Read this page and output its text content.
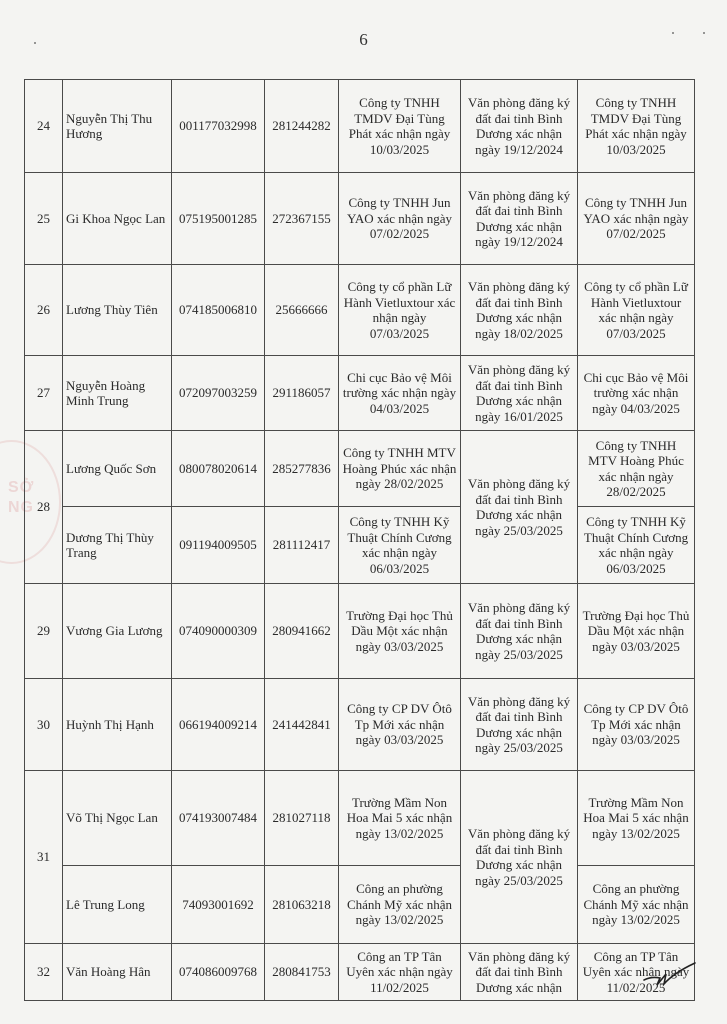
6
SỞ
NG
24	Nguyễn Thị Thu Hương	001177032998	281244282	Công ty TNHH TMDV Đại Tùng Phát xác nhận ngày 10/03/2025	Văn phòng đăng ký đất đai tỉnh Bình Dương xác nhận ngày 19/12/2024	Công ty TNHH TMDV Đại Tùng Phát xác nhận ngày 10/03/2025
25	Gi Khoa Ngọc Lan	075195001285	272367155	Công ty TNHH Jun YAO xác nhận ngày 07/02/2025	Văn phòng đăng ký đất đai tỉnh Bình Dương xác nhận ngày 19/12/2024	Công ty TNHH Jun YAO xác nhận ngày 07/02/2025
26	Lương Thùy Tiên	074185006810	25666666	Công ty cổ phần Lữ Hành Vietluxtour xác nhận ngày 07/03/2025	Văn phòng đăng ký đất đai tỉnh Bình Dương xác nhận ngày 18/02/2025	Công ty cổ phần Lữ Hành Vietluxtour xác nhận ngày 07/03/2025
27	Nguyễn Hoàng Minh Trung	072097003259	291186057	Chi cục Bảo vệ Môi trường xác nhận ngày 04/03/2025	Văn phòng đăng ký đất đai tỉnh Bình Dương xác nhận ngày 16/01/2025	Chi cục Bảo vệ Môi trường xác nhận ngày 04/03/2025
28	Lương Quốc Sơn	080078020614	285277836	Công ty TNHH MTV Hoàng Phúc xác nhận ngày 28/02/2025	Văn phòng đăng ký đất đai tỉnh Bình Dương xác nhận ngày 25/03/2025	Công ty TNHH MTV Hoàng Phúc xác nhận ngày 28/02/2025
	Dương Thị Thùy Trang	091194009505	281112417	Công ty TNHH Kỹ Thuật Chính Cương xác nhận ngày 06/03/2025		Công ty TNHH Kỹ Thuật Chính Cương xác nhận ngày 06/03/2025
29	Vương Gia Lương	074090000309	280941662	Trường Đại học Thủ Dầu Một xác nhận ngày 03/03/2025	Văn phòng đăng ký đất đai tỉnh Bình Dương xác nhận ngày 25/03/2025	Trường Đại học Thủ Dầu Một xác nhận ngày 03/03/2025
30	Huỳnh Thị Hạnh	066194009214	241442841	Công ty CP DV Ôtô Tp Mới xác nhận ngày 03/03/2025	Văn phòng đăng ký đất đai tỉnh Bình Dương xác nhận ngày 25/03/2025	Công ty CP DV Ôtô Tp Mới xác nhận ngày 03/03/2025
31	Võ Thị Ngọc Lan	074193007484	281027118	Trường Mầm Non Hoa Mai 5 xác nhận ngày 13/02/2025	Văn phòng đăng ký đất đai tỉnh Bình Dương xác nhận ngày 25/03/2025	Trường Mầm Non Hoa Mai 5 xác nhận ngày 13/02/2025
	Lê Trung Long	74093001692	281063218	Công an phường Chánh Mỹ xác nhận ngày 13/02/2025		Công an phường Chánh Mỹ xác nhận ngày 13/02/2025
32	Văn Hoàng Hân	074086009768	280841753	Công an TP Tân Uyên xác nhận ngày 11/02/2025	Văn phòng đăng ký đất đai tỉnh Bình Dương xác nhận	Công an TP Tân Uyên xác nhận ngày 11/02/2025
